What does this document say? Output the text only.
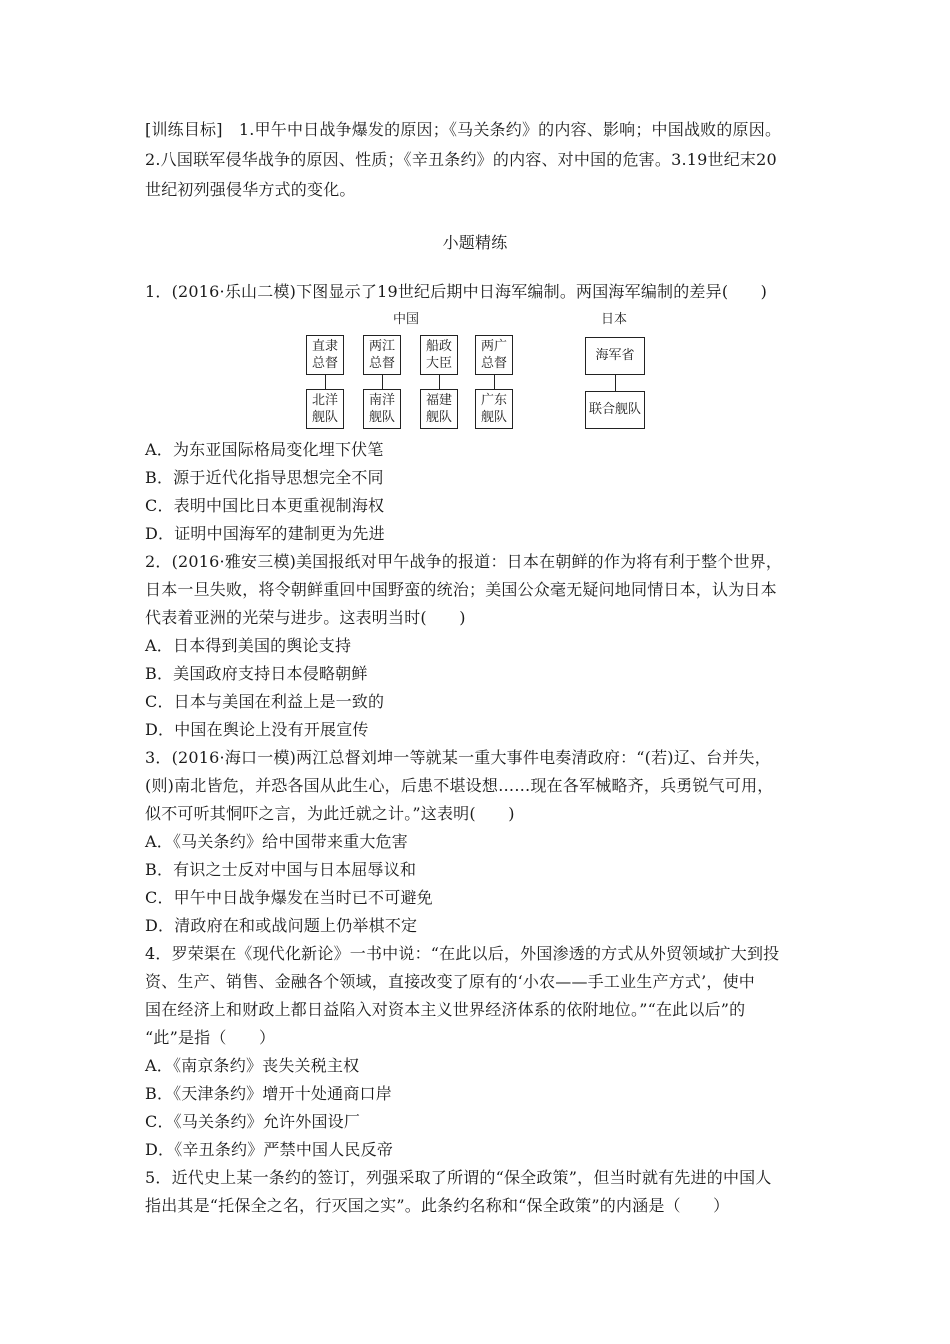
[训练目标]　1.甲午中日战争爆发的原因；《马关条约》的内容、影响；中国战败的原因。
2.八国联军侵华战争的原因、性质；《辛丑条约》的内容、对中国的危害。3.19世纪末20
世纪初列强侵华方式的变化。
小题精练
1．(2016·乐山二模)下图显示了19世纪后期中日海军编制。两国海军编制的差异(　　)
中国	日本
直隶
总督
两江
总督
船政
大臣
两广
总督
北洋
舰队
南洋
舰队
福建
舰队
广东
舰队
海军省
联合舰队
A．为东亚国际格局变化埋下伏笔
B．源于近代化指导思想完全不同
C．表明中国比日本更重视制海权
D．证明中国海军的建制更为先进
2．(2016·雅安三模)美国报纸对甲午战争的报道：日本在朝鲜的作为将有利于整个世界，
日本一旦失败，将令朝鲜重回中国野蛮的统治；美国公众毫无疑问地同情日本，认为日本
代表着亚洲的光荣与进步。这表明当时(　　)
A．日本得到美国的舆论支持
B．美国政府支持日本侵略朝鲜
C．日本与美国在利益上是一致的
D．中国在舆论上没有开展宣传
3．(2016·海口一模)两江总督刘坤一等就某一重大事件电奏清政府：“(若)辽、台并失，
(则)南北皆危，并恐各国从此生心，后患不堪设想……现在各军械略齐，兵勇锐气可用，
似不可听其恫吓之言，为此迁就之计。”这表明(　　)
A．《马关条约》给中国带来重大危害
B．有识之士反对中国与日本屈辱议和
C．甲午中日战争爆发在当时已不可避免
D．清政府在和或战问题上仍举棋不定
4．罗荣渠在《现代化新论》一书中说：“在此以后，外国渗透的方式从外贸领域扩大到投
资、生产、销售、金融各个领域，直接改变了原有的‘小农——手工业生产方式’，使中
国在经济上和财政上都日益陷入对资本主义世界经济体系的依附地位。”“在此以后”的
“此”是指（　　）
A．《南京条约》丧失关税主权
B．《天津条约》增开十处通商口岸
C．《马关条约》允许外国设厂
D．《辛丑条约》严禁中国人民反帝
5．近代史上某一条约的签订，列强采取了所谓的“保全政策”，但当时就有先进的中国人
指出其是“托保全之名，行灭国之实”。此条约名称和“保全政策”的内涵是（　　）
